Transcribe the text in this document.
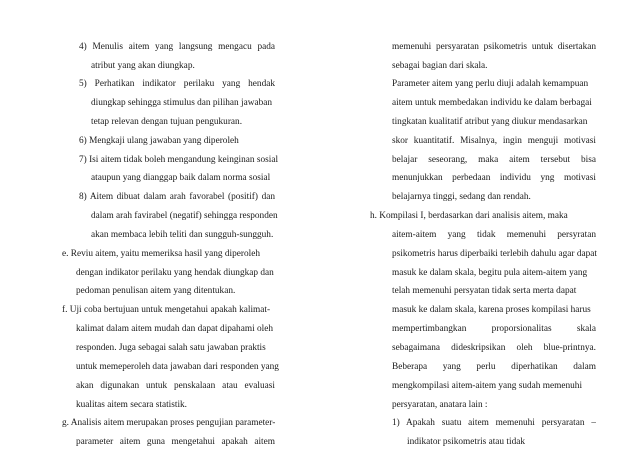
4) Menulis aitem yang langsung mengacu pada
atribut yang akan diungkap.
5) Perhatikan indikator perilaku yang hendak
diungkap sehingga stimulus dan pilihan jawaban
tetap relevan dengan tujuan pengukuran.
6) Mengkaji ulang jawaban yang diperoleh
7) Isi aitem tidak boleh mengandung keinginan sosial
ataupun yang dianggap baik dalam norma sosial
8) Aitem dibuat dalam arah favorabel (positif) dan
dalam arah favirabel (negatif) sehingga responden
akan membaca lebih teliti dan sungguh-sungguh.
e. Reviu aitem, yaitu memeriksa hasil yang diperoleh
dengan indikator perilaku yang hendak diungkap dan
pedoman penulisan aitem yang ditentukan.
f. Uji coba bertujuan untuk mengetahui apakah kalimat-
kalimat dalam aitem mudah dan dapat dipahami oleh
responden. Juga sebagai salah satu jawaban praktis
untuk memeperoleh data jawaban dari responden yang
akan digunakan untuk penskalaan atau evaluasi
kualitas aitem secara statistik.
g. Analisis aitem merupakan proses pengujian parameter-
parameter aitem guna mengetahui apakah aitem
memenuhi persyaratan psikometris untuk disertakan
sebagai bagian dari skala.
Parameter aitem yang perlu diuji adalah kemampuan
aitem untuk membedakan individu ke dalam berbagai
tingkatan kualitatif atribut yang diukur mendasarkan
skor kuantitatif. Misalnya, ingin menguji motivasi
belajar seseorang, maka aitem tersebut bisa
menunjukkan perbedaan individu yng motivasi
belajarnya tinggi, sedang dan rendah.
h. Kompilasi I, berdasarkan dari analisis aitem, maka
aitem-aitem yang tidak memenuhi persyratan
psikometris harus diperbaiki terlebih dahulu agar dapat
masuk ke dalam skala, begitu pula aitem-aitem yang
telah memenuhi persyatan tidak serta merta dapat
masuk ke dalam skala, karena proses kompilasi harus
mempertimbangkan proporsionalitas skala
sebagaimana dideskripsikan oleh blue-printnya.
Beberapa yang perlu diperhatikan dalam
mengkompilasi aitem-aitem yang sudah memenuhi
persyaratan, anatara lain :
1) Apakah suatu aitem memenuhi persyaratan –
indikator psikometris atau tidak
